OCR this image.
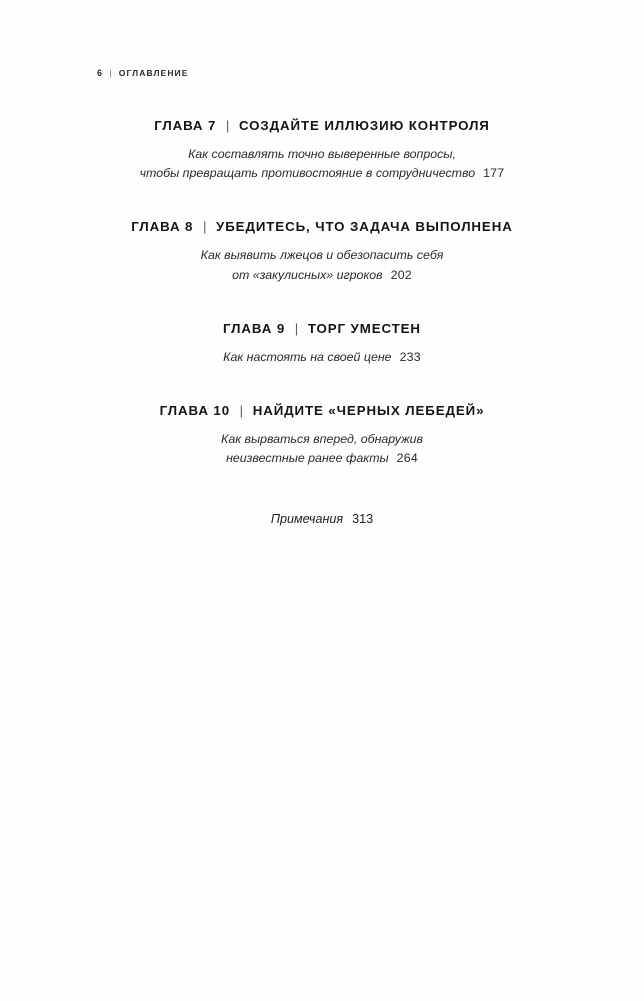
6 | ОГЛАВЛЕНИЕ
ГЛАВА 7 | СОЗДАЙТЕ ИЛЛЮЗИЮ КОНТРОЛЯ
Как составлять точно выверенные вопросы,
чтобы превращать противостояние в сотрудничество 177
ГЛАВА 8 | УБЕДИТЕСЬ, ЧТО ЗАДАЧА ВЫПОЛНЕНА
Как выявить лжецов и обезопасить себя
от «закулисных» игроков 202
ГЛАВА 9 | ТОРГ УМЕСТЕН
Как настоять на своей цене 233
ГЛАВА 10 | НАЙДИТЕ «ЧЕРНЫХ ЛЕБЕДЕЙ»
Как вырваться вперед, обнаружив
неизвестные ранее факты 264
Примечания 313
